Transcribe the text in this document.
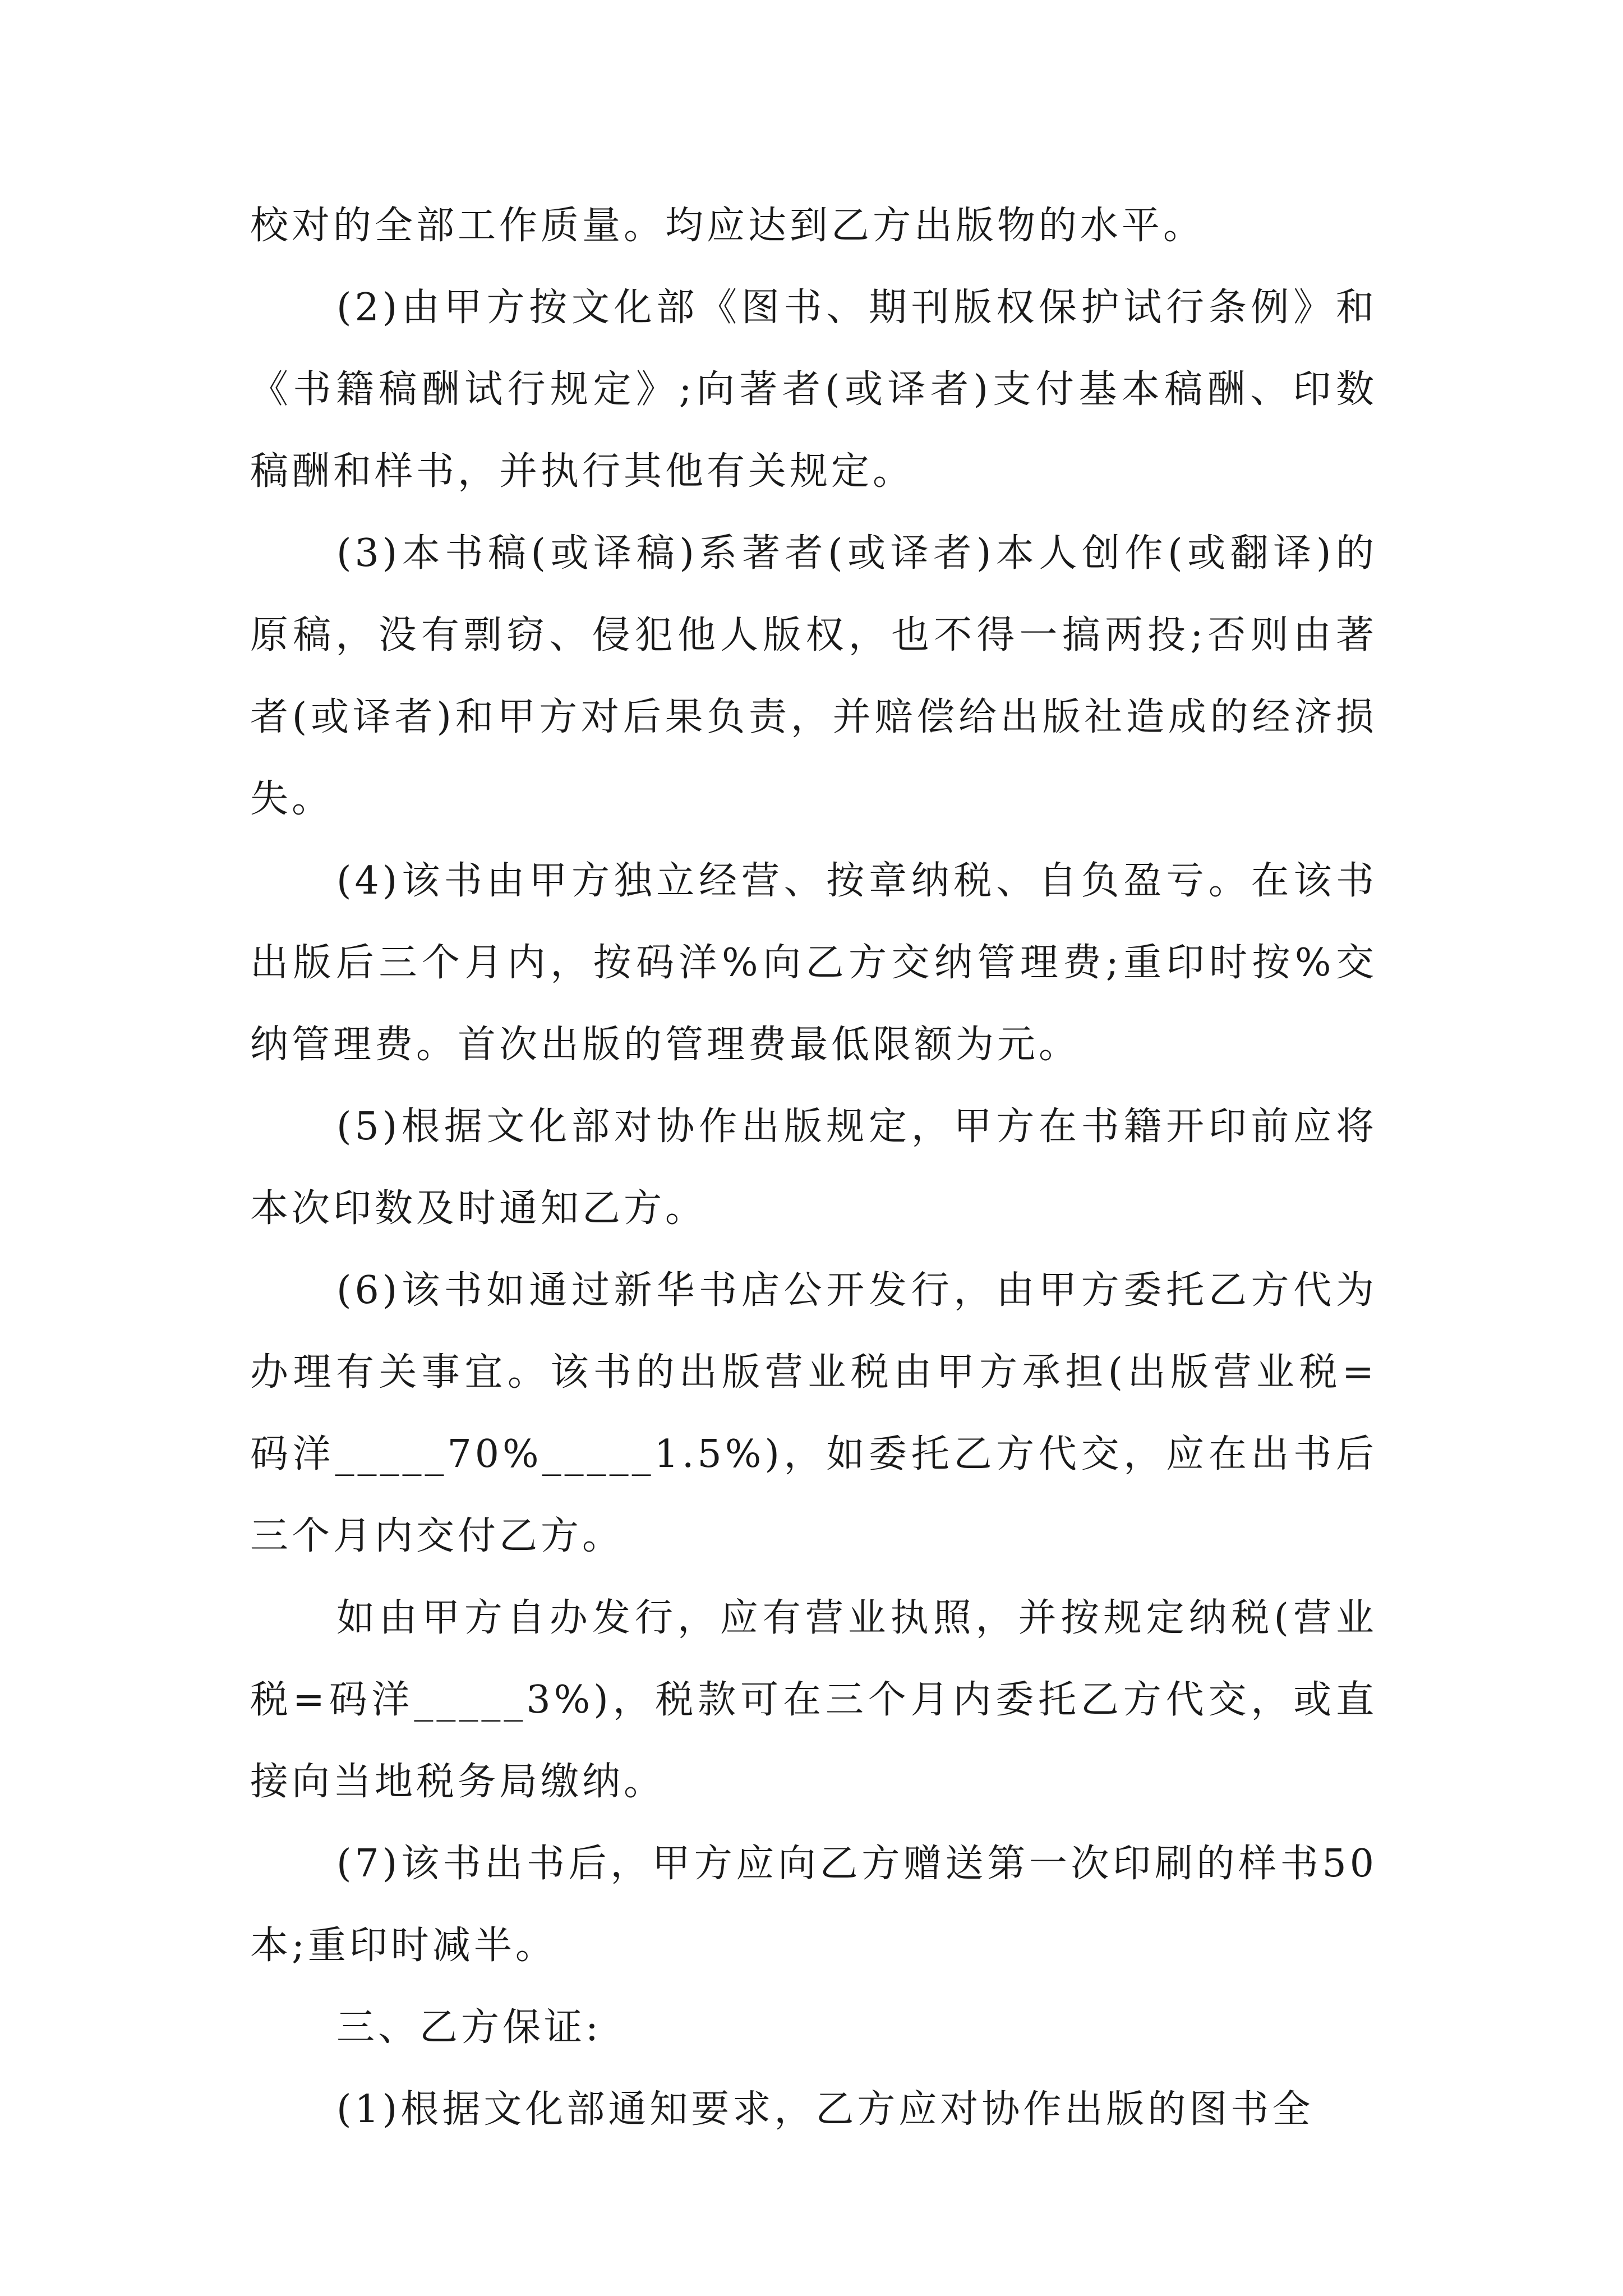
校对的全部工作质量。均应达到乙方出版物的水平。

(2)由甲方按文化部《图书、期刊版权保护试行条例》和《书籍稿酬试行规定》;向著者(或译者)支付基本稿酬、印数稿酬和样书，并执行其他有关规定。

(3)本书稿(或译稿)系著者(或译者)本人创作(或翻译)的原稿，没有剽窃、侵犯他人版权，也不得一搞两投;否则由著者(或译者)和甲方对后果负责，并赔偿给出版社造成的经济损失。

(4)该书由甲方独立经营、按章纳税、自负盈亏。在该书出版后三个月内，按码洋%向乙方交纳管理费;重印时按%交纳管理费。首次出版的管理费最低限额为元。

(5)根据文化部对协作出版规定，甲方在书籍开印前应将本次印数及时通知乙方。

(6)该书如通过新华书店公开发行，由甲方委托乙方代为办理有关事宜。该书的出版营业税由甲方承担(出版营业税=码洋_____70%_____1.5%)，如委托乙方代交，应在出书后三个月内交付乙方。

如由甲方自办发行，应有营业执照，并按规定纳税(营业税=码洋_____3%)，税款可在三个月内委托乙方代交，或直接向当地税务局缴纳。

(7)该书出书后，甲方应向乙方赠送第一次印刷的样书50本;重印时减半。

三、乙方保证:

(1)根据文化部通知要求，乙方应对协作出版的图书全
